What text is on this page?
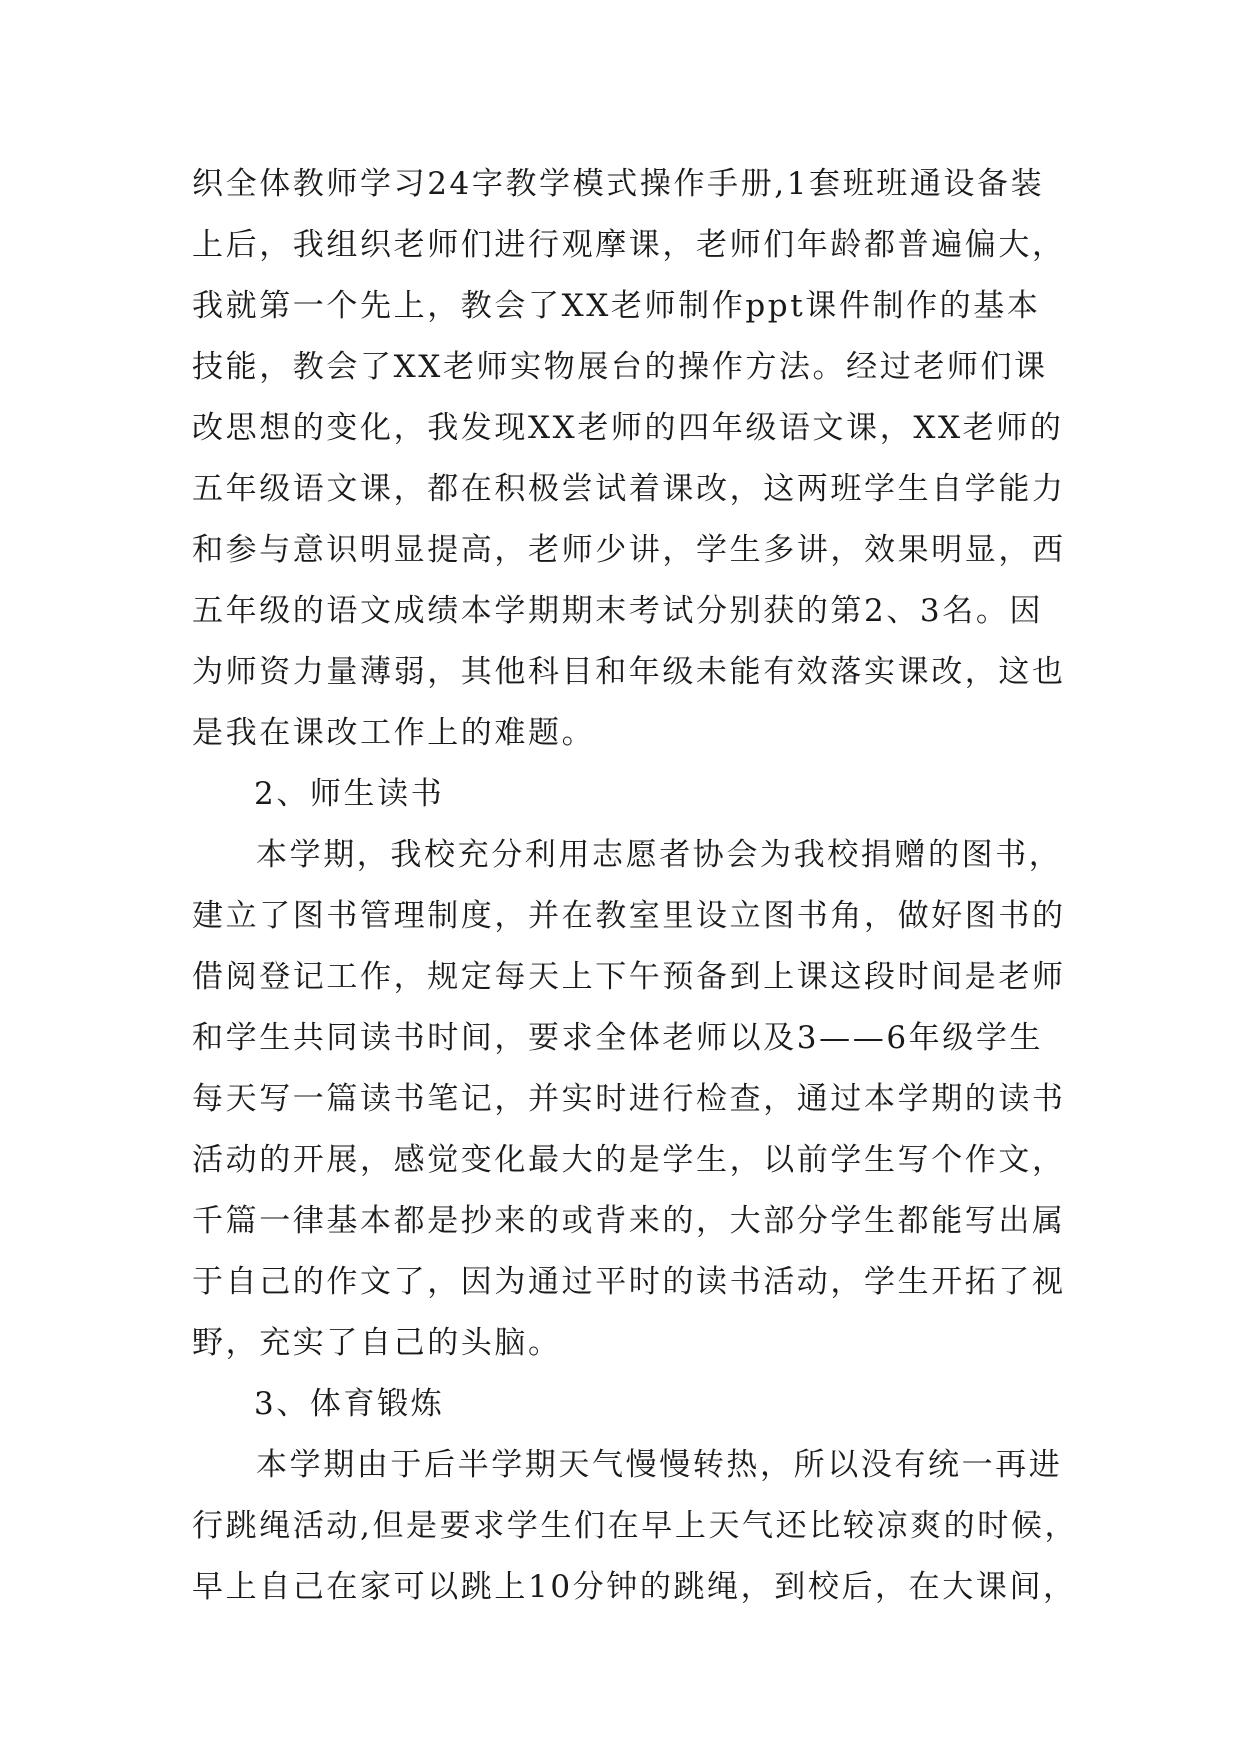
织全体教师学习24字教学模式操作手册,1套班班通设备装
上后，我组织老师们进行观摩课，老师们年龄都普遍偏大，
我就第一个先上，教会了XX老师制作ppt课件制作的基本
技能，教会了XX老师实物展台的操作方法。经过老师们课
改思想的变化，我发现XX老师的四年级语文课，XX老师的
五年级语文课，都在积极尝试着课改，这两班学生自学能力
和参与意识明显提高，老师少讲，学生多讲，效果明显，西
五年级的语文成绩本学期期末考试分别获的第2、3名。因
为师资力量薄弱，其他科目和年级未能有效落实课改，这也
是我在课改工作上的难题。
2、师生读书
本学期，我校充分利用志愿者协会为我校捐赠的图书，
建立了图书管理制度，并在教室里设立图书角，做好图书的
借阅登记工作，规定每天上下午预备到上课这段时间是老师
和学生共同读书时间，要求全体老师以及3——6年级学生
每天写一篇读书笔记，并实时进行检查，通过本学期的读书
活动的开展，感觉变化最大的是学生，以前学生写个作文，
千篇一律基本都是抄来的或背来的，大部分学生都能写出属
于自己的作文了，因为通过平时的读书活动，学生开拓了视
野，充实了自己的头脑。
3、体育锻炼
本学期由于后半学期天气慢慢转热，所以没有统一再进
行跳绳活动,但是要求学生们在早上天气还比较凉爽的时候，
早上自己在家可以跳上10分钟的跳绳，到校后，在大课间，
